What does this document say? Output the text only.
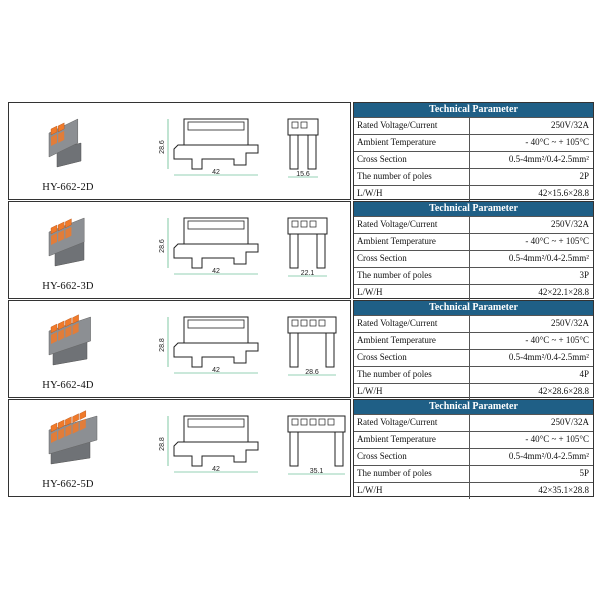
HY-662-2D
28.6
42	15.6
Technical Parameter
Rated Voltage/Current	250V/32A
Ambient Temperature	- 40°C ~ + 105°C
Cross Section	0.5-4mm²/0.4-2.5mm²
The number of poles	2P
L/W/H	42×15.6×28.8
HY-662-3D
28.6
42	22.1
Technical Parameter
Rated Voltage/Current	250V/32A
Ambient Temperature	- 40°C ~ + 105°C
Cross Section	0.5-4mm²/0.4-2.5mm²
The number of poles	3P
L/W/H	42×22.1×28.8
HY-662-4D
28.8
42	28.6
Technical Parameter
Rated Voltage/Current	250V/32A
Ambient Temperature	- 40°C ~ + 105°C
Cross Section	0.5-4mm²/0.4-2.5mm²
The number of poles	4P
L/W/H	42×28.6×28.8
HY-662-5D
28.8
42	35.1
Technical Parameter
Rated Voltage/Current	250V/32A
Ambient Temperature	- 40°C ~ + 105°C
Cross Section	0.5-4mm²/0.4-2.5mm²
The number of poles	5P
L/W/H	42×35.1×28.8
